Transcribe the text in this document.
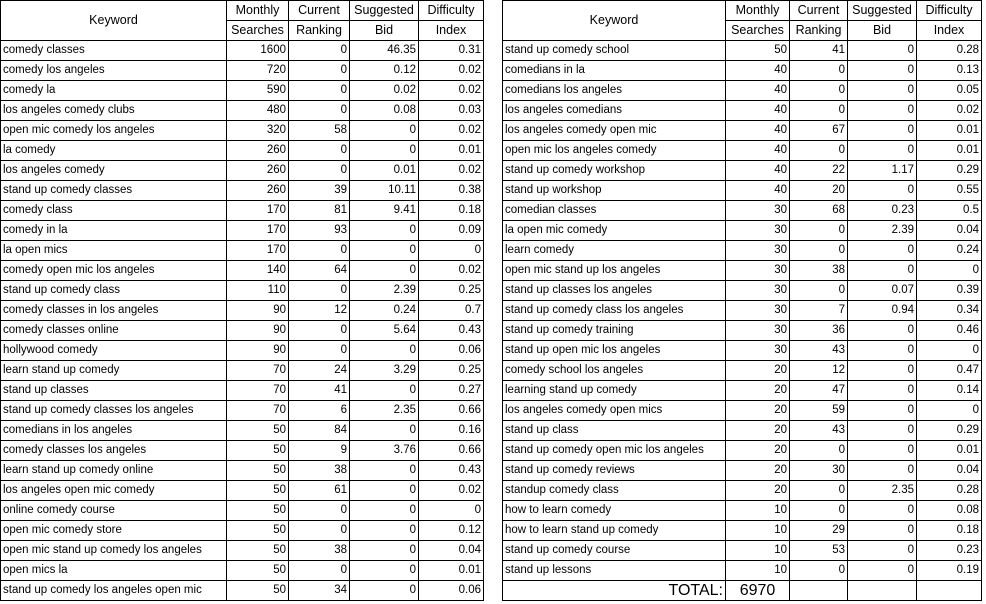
Keyword	Monthly	Current	Suggested	Difficulty
	Searches	Ranking	Bid	Index
comedy classes	1600	0	46.35	0.31
comedy los angeles	720	0	0.12	0.02
comedy la	590	0	0.02	0.02
los angeles comedy clubs	480	0	0.08	0.03
open mic comedy los angeles	320	58	0	0.02
la comedy	260	0	0	0.01
los angeles comedy	260	0	0.01	0.02
stand up comedy classes	260	39	10.11	0.38
comedy class	170	81	9.41	0.18
comedy in la	170	93	0	0.09
la open mics	170	0	0	0
comedy open mic los angeles	140	64	0	0.02
stand up comedy class	110	0	2.39	0.25
comedy classes in los angeles	90	12	0.24	0.7
comedy classes online	90	0	5.64	0.43
hollywood comedy	90	0	0	0.06
learn stand up comedy	70	24	3.29	0.25
stand up classes	70	41	0	0.27
stand up comedy classes los angeles	70	6	2.35	0.66
comedians in los angeles	50	84	0	0.16
comedy classes los angeles	50	9	3.76	0.66
learn stand up comedy online	50	38	0	0.43
los angeles open mic comedy	50	61	0	0.02
online comedy course	50	0	0	0
open mic comedy store	50	0	0	0.12
open mic stand up comedy los angeles	50	38	0	0.04
open mics la	50	0	0	0.01
stand up comedy los angeles open mic	50	34	0	0.06
Keyword	Monthly	Current	Suggested	Difficulty
	Searches	Ranking	Bid	Index
stand up comedy school	50	41	0	0.28
comedians in la	40	0	0	0.13
comedians los angeles	40	0	0	0.05
los angeles comedians	40	0	0	0.02
los angeles comedy open mic	40	67	0	0.01
open mic los angeles comedy	40	0	0	0.01
stand up comedy workshop	40	22	1.17	0.29
stand up workshop	40	20	0	0.55
comedian classes	30	68	0.23	0.5
la open mic comedy	30	0	2.39	0.04
learn comedy	30	0	0	0.24
open mic stand up los angeles	30	38	0	0
stand up classes los angeles	30	0	0.07	0.39
stand up comedy class los angeles	30	7	0.94	0.34
stand up comedy training	30	36	0	0.46
stand up open mic los angeles	30	43	0	0
comedy school los angeles	20	12	0	0.47
learning stand up comedy	20	47	0	0.14
los angeles comedy open mics	20	59	0	0
stand up class	20	43	0	0.29
stand up comedy open mic los angeles	20	0	0	0.01
stand up comedy reviews	20	30	0	0.04
standup comedy class	20	0	2.35	0.28
how to learn comedy	10	0	0	0.08
how to learn stand up comedy	10	29	0	0.18
stand up comedy course	10	53	0	0.23
stand up lessons	10	0	0	0.19
TOTAL:	6970			
